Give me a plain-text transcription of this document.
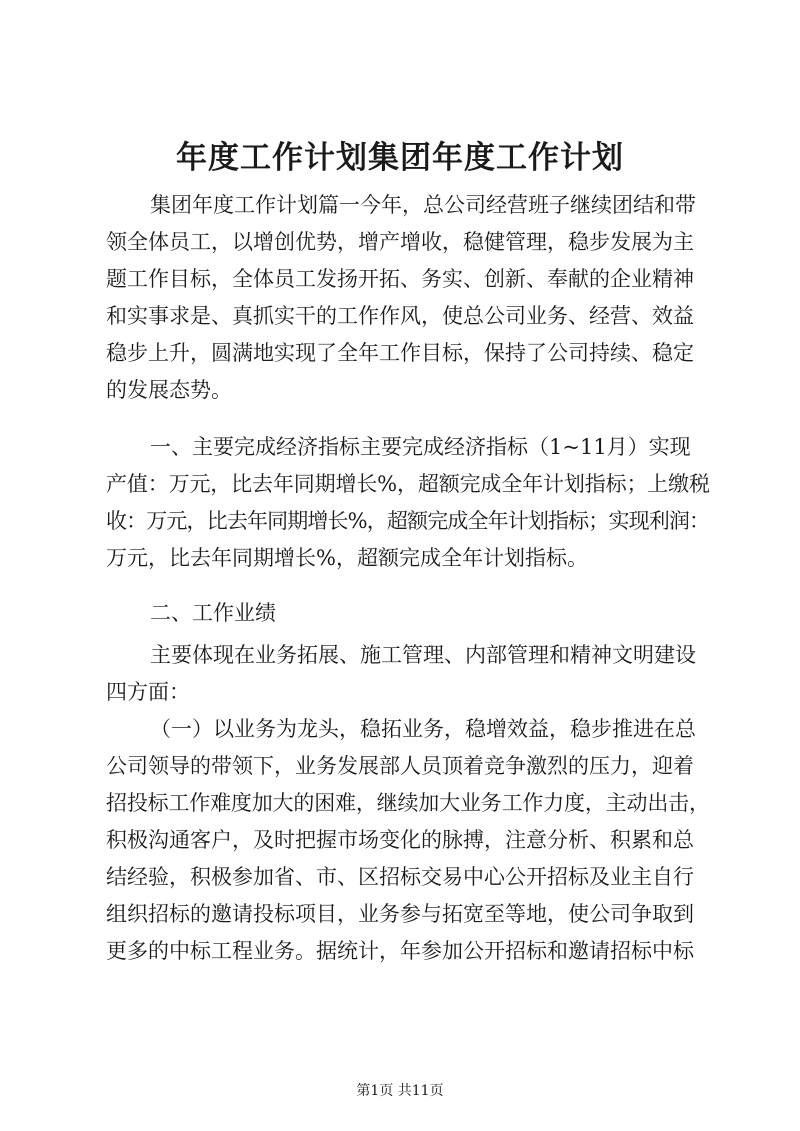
年度工作计划集团年度工作计划
集团年度工作计划篇一今年，总公司经营班子继续团结和带
领全体员工，以增创优势，增产增收，稳健管理，稳步发展为主
题工作目标，全体员工发扬开拓、务实、创新、奉献的企业精神
和实事求是、真抓实干的工作作风，使总公司业务、经营、效益
稳步上升，圆满地实现了全年工作目标，保持了公司持续、稳定
的发展态势。
一、主要完成经济指标主要完成经济指标（1~11月）实现
产值：万元，比去年同期增长%，超额完成全年计划指标；上缴税
收：万元，比去年同期增长%，超额完成全年计划指标；实现利润：
万元，比去年同期增长%，超额完成全年计划指标。
二、工作业绩
主要体现在业务拓展、施工管理、内部管理和精神文明建设
四方面：
（一）以业务为龙头，稳拓业务，稳增效益，稳步推进在总
公司领导的带领下，业务发展部人员顶着竞争激烈的压力，迎着
招投标工作难度加大的困难，继续加大业务工作力度，主动出击，
积极沟通客户，及时把握市场变化的脉搏，注意分析、积累和总
结经验，积极参加省、市、区招标交易中心公开招标及业主自行
组织招标的邀请投标项目，业务参与拓宽至等地，使公司争取到
更多的中标工程业务。据统计，年参加公开招标和邀请招标中标
第1页 共11页
